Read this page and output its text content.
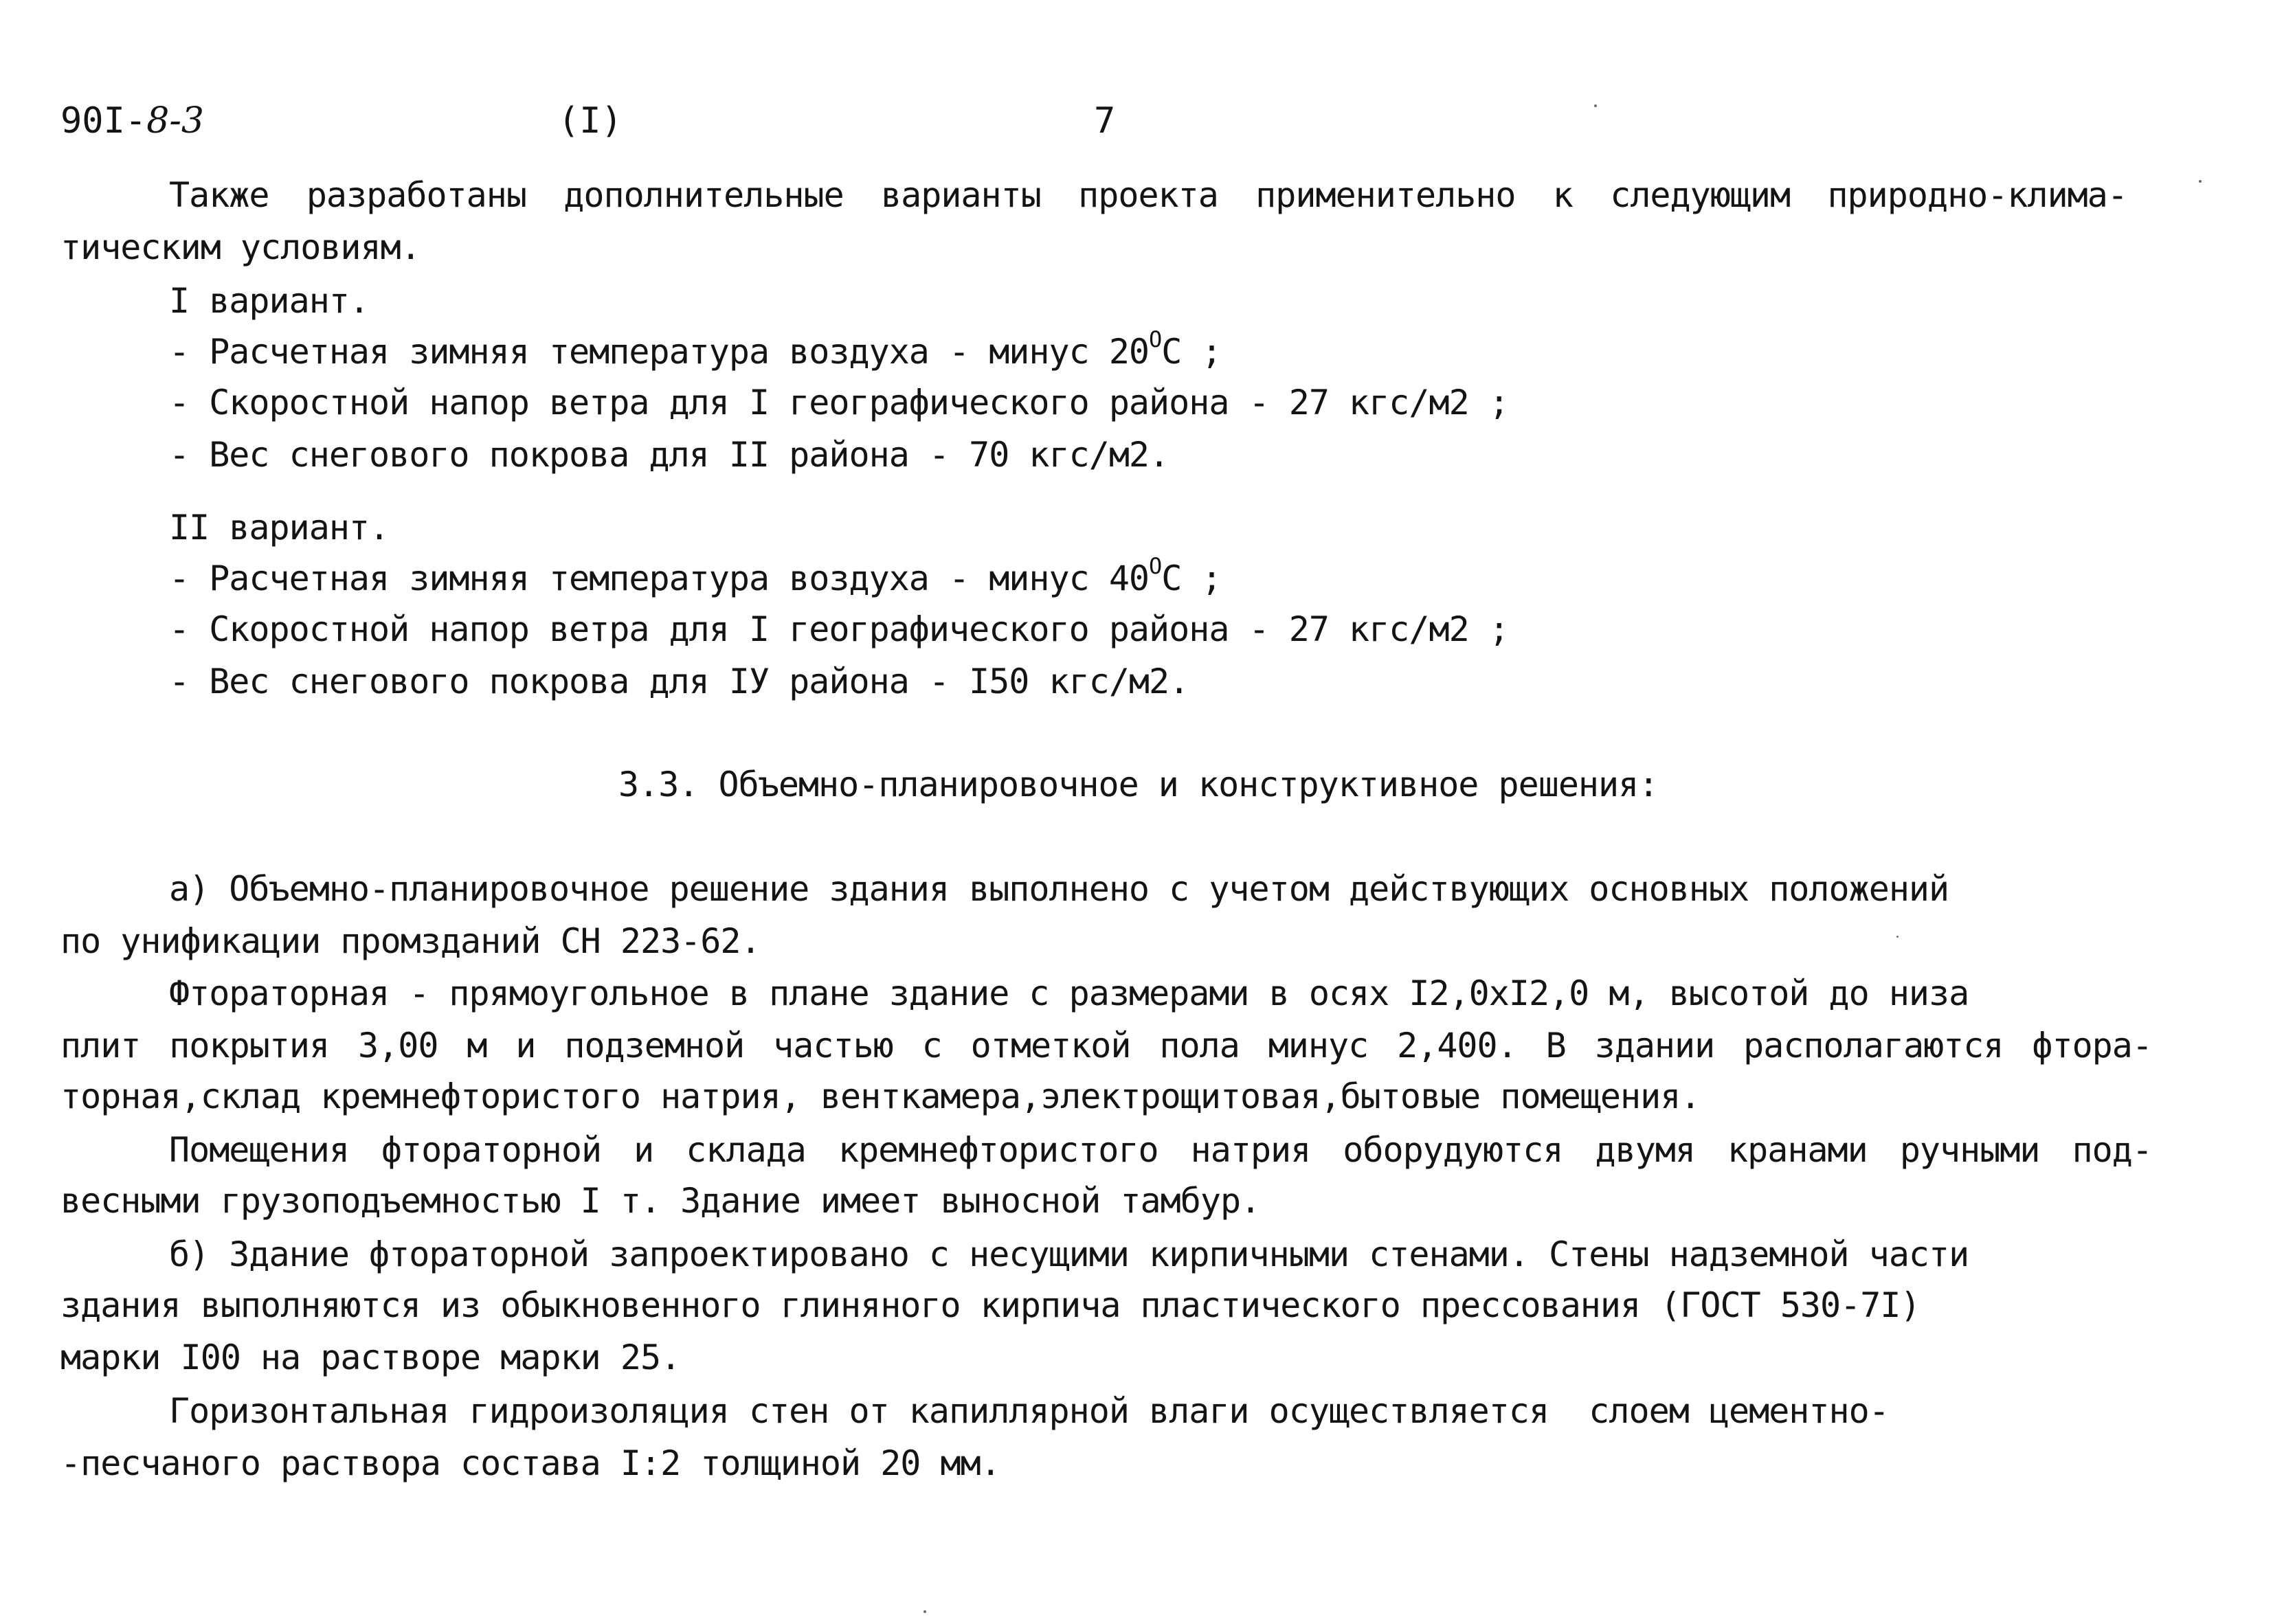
90I-8-3	(I)	7
Также разработаны дополнительные варианты проекта применительно к следующим природно-клима-
тическим условиям.
I вариант.
- Расчетная зимняя температура воздуха - минус $20^ОС$ ;
- Скоростной напор ветра для I географического района - 27 кгс/м2 ;
- Вес снегового покрова для II района - 70 кгс/м2.
II вариант.
- Расчетная зимняя температура воздуха - минус $40^ОС$ ;
- Скоростной напор ветра для I географического района - 27 кгс/м2 ;
- Вес снегового покрова для IУ района - I50 кгс/м2.
3.3. Объемно-планировочное и конструктивное решения:
а) Объемно-планировочное решение здания выполнено с учетом действующих основных положений
по унификации промзданий СН 223-62.
Фтораторная - прямоугольное в плане здание с размерами в осях I2,0xI2,0 м, высотой до низа
плит покрытия 3,00 м и подземной частью с отметкой пола минус 2,400. В здании располагаются фтора-
торная,склад кремнефтористого натрия, венткамера,электрощитовая,бытовые помещения.
Помещения фтораторной и склада кремнефтористого натрия оборудуются двумя кранами ручными под-
весными грузоподъемностью I т. Здание имеет выносной тамбур.
б) Здание фтораторной запроектировано с несущими кирпичными стенами. Стены надземной части
здания выполняются из обыкновенного глиняного кирпича пластического прессования (ГОСТ 530-7I)
марки I00 на растворе марки 25.
Горизонтальная гидроизоляция стен от капиллярной влаги осуществляется  слоем цементно-
-песчаного раствора состава I:2 толщиной 20 мм.
